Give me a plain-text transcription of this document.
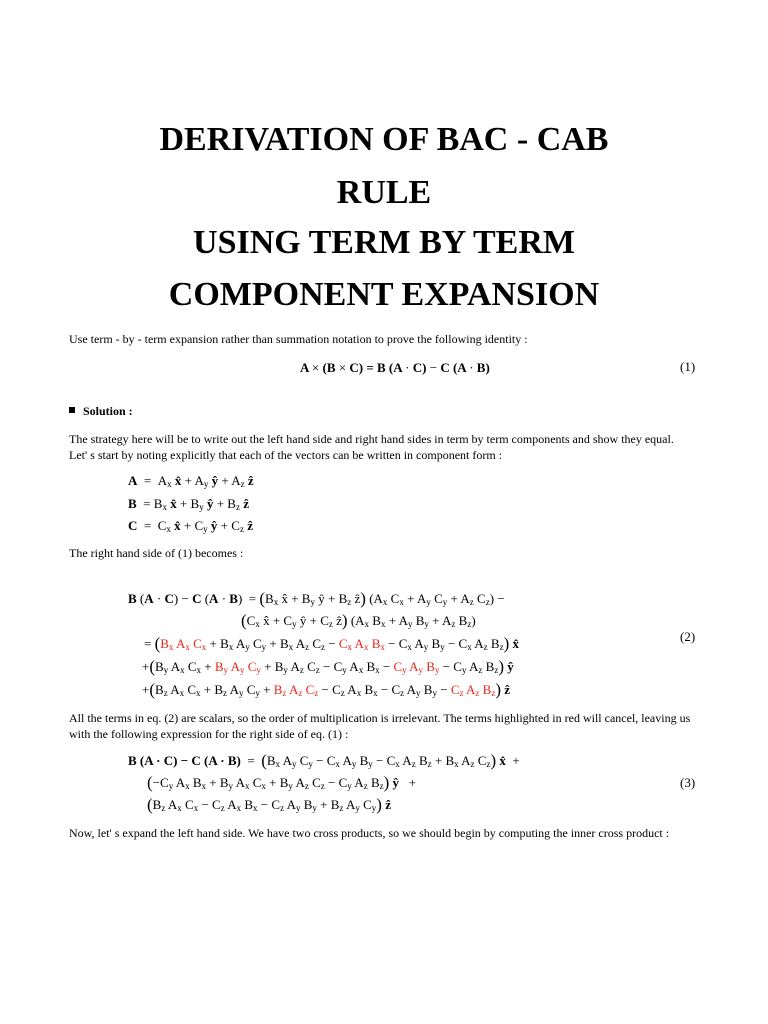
DERIVATION OF BAC - CAB
RULE
USING TERM BY TERM
COMPONENT EXPANSION
Use term - by - term expansion rather than summation notation to prove the following identity :
A × (B × C) = B (A · C) − C (A · B)	(1)
Solution :
The strategy here will be to write out the left hand side and right hand sides in term by term components and show they equal.
Let' s start by noting explicitly that each of the vectors can be written in component form :
$A = A_x$ x̂ + $A_y$ ŷ + $A_z$ ẑ
$B = B_x$ x̂ + $B_y$ ŷ + $B_z$ ẑ
$C = C_x$ x̂ + $C_y$ ŷ + $C_z$ ẑ
The right hand side of (1) becomes :
B (A · C) − C $(A \cdot B) = (B_x$ x̂ + $B_y$ ŷ + $B_z$ ẑ) ($A_x$ $C_x + A_y$ $C_y + A_z$ $C_z$) −
($C_x$ x̂ + $C_y$ ŷ + $C_z$ ẑ) ($A_x$ $B_x + A_y$ $B_y + A_z$ $B_z$)
= ($B_x$ $A_x$ $C_x + B_x$ $A_y$ $C_y + B_x$ $A_z$ $C_z - C_x$ $A_x$ $B_x - C_x$ $A_y$ $B_y - C_x$ $A_z$ $B_z$) x̂	(2)
$+(B_y$ $A_x$ $C_x + B_y$ $A_y$ $C_y + B_y$ $A_z$ $C_z - C_y$ $A_x$ $B_x - C_y$ $A_y$ $B_y - C_y$ $A_z$ $B_z$) ŷ
$+(B_z$ $A_x$ $C_x + B_z$ $A_y$ $C_y + B_z$ $A_z$ $C_z - C_z$ $A_x$ $B_x - C_z$ $A_y$ $B_y - C_z$ $A_z$ $B_z$) ẑ
All the terms in eq. (2) are scalars, so the order of multiplication is irrelevant. The terms highlighted in red will cancel, leaving us
with the following expression for the right side of eq. (1) :
B (A · C) − C $(A \cdot B) = (B_x$ $A_y$ $C_y - C_x$ $A_y$ $B_y - C_x$ $A_z$ $B_z + B_x$ $A_z$ $C_z$) x̂  +
($-C_y$ $A_x$ $B_x + B_y$ $A_x$ $C_x + B_y$ $A_z$ $C_z - C_y$ $A_z$ $B_z$) ŷ   +	(3)
($B_z$ $A_x$ $C_x - C_z$ $A_x$ $B_x - C_z$ $A_y$ $B_y + B_z$ $A_y$ $C_y$) ẑ
Now, let' s expand the left hand side. We have two cross products, so we should begin by computing the inner cross product :
